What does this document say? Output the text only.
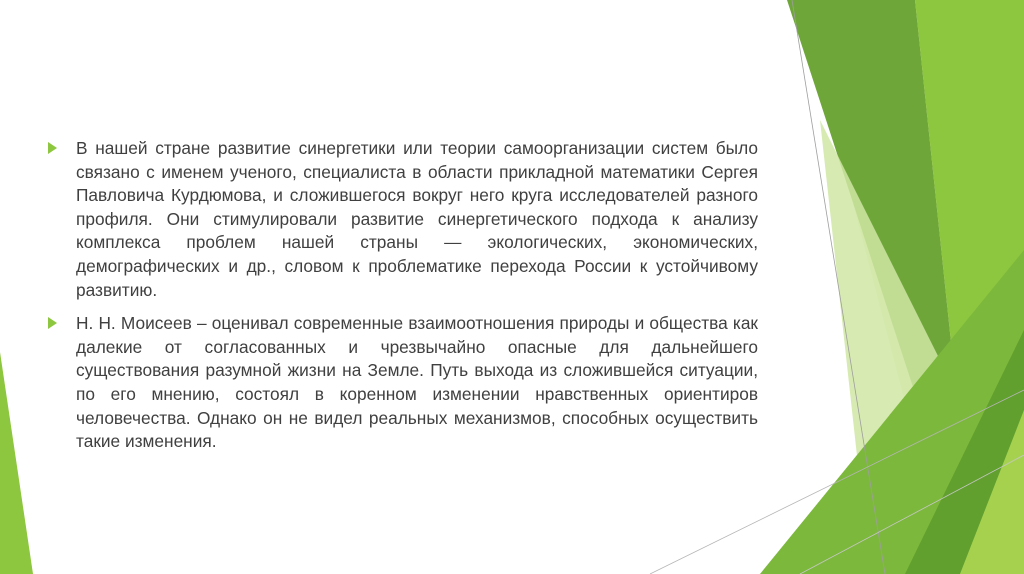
В нашей стране развитие синергетики или теории самоорганизации систем было связано с именем ученого, специалиста в области прикладной математики Сергея Павловича Курдюмова, и сложившегося вокруг него круга исследователей разного профиля. Они стимулировали развитие синергетического подхода к анализу комплекса проблем нашей страны — экологических, экономических, демографических и др., словом к проблематике перехода России к устойчивому развитию.

Н. Н. Моисеев – оценивал современные взаимоотношения природы и общества как далекие от согласованных и чрезвычайно опасные для дальнейшего существования разумной жизни на Земле. Путь выхода из сложившейся ситуации, по его мнению, состоял в коренном изменении нравственных ориентиров человечества. Однако он не видел реальных механизмов, способных осуществить такие изменения.
